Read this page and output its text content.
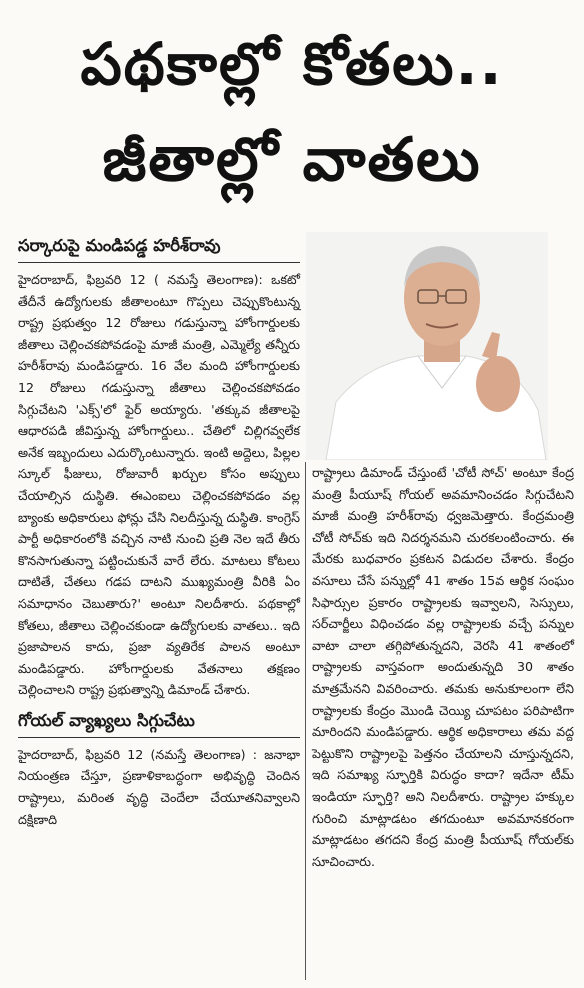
పథకాల్లో కోతలు..
జీతాల్లో వాతలు
సర్కారుపై మండిపడ్డ హరీశ్‌రావు

హైదరాబాద్, ఫిబ్రవరి 12 ( నమస్తే తెలంగాణ): ఒకటో తేదీనే ఉద్యోగులకు జీతాలంటూ గొప్పలు చెప్పుకొంటున్న రాష్ట్ర ప్రభుత్వం 12 రోజులు గడుస్తున్నా హోంగార్డులకు జీతాలు చెల్లించకపోవడంపై మాజీ మంత్రి, ఎమ్మెల్యే తన్నీరు హరీశ్‌రావు మండిపడ్డారు. 16 వేల మంది హోంగార్డులకు 12 రోజులు గడుస్తున్నా జీతాలు చెల్లించకపోవడం సిగ్గుచేటని 'ఎక్స్'లో ఫైర్ అయ్యారు. 'తక్కువ జీతాలపై ఆధారపడి జీవిస్తున్న హోంగార్డులు.. చేతిలో చిల్లిగవ్వలేక అనేక ఇబ్బందులు ఎదుర్కొంటున్నారు. ఇంటి అద్దెలు, పిల్లల స్కూల్ ఫీజులు, రోజువారీ ఖర్చుల కోసం అప్పులు చేయాల్సిన దుస్థితి. ఈఎంఐలు చెల్లించకపోవడం వల్ల బ్యాంకు అధికారులు ఫోన్లు చేసి నిలదీస్తున్న దుస్థితి. కాంగ్రెస్ పార్టీ అధికారంలోకి వచ్చిన నాటి నుంచి ప్రతి నెల ఇదే తీరు కొనసాగుతున్నా పట్టించుకునే వారే లేరు. మాటలు కోటలు దాటితే, చేతలు గడప దాటని ముఖ్యమంత్రి వీరికి ఏం సమాధానం చెబుతారు?' అంటూ నిలదీశారు. పథకాల్లో కోతలు, జీతాలు చెల్లించకుండా ఉద్యోగులకు వాతలు.. ఇది ప్రజాపాలన కాదు, ప్రజా వ్యతిరేక పాలన అంటూ మండిపడ్డారు. హోంగార్డులకు వేతనాలు తక్షణం చెల్లించాలని రాష్ట్ర ప్రభుత్వాన్ని డిమాండ్ చేశారు.

గోయల్ వ్యాఖ్యలు సిగ్గుచేటు

హైదరాబాద్, ఫిబ్రవరి 12 (నమస్తే తెలంగాణ) : జనాభా నియంత్రణ చేస్తూ, ప్రణాళికాబద్ధంగా అభివృద్ధి చెందిన రాష్ట్రాలు, మరింత వృద్ధి చెందేలా చేయూతనివ్వాలని దక్షిణాది

రాష్ట్రాలు డిమాండ్ చేస్తుంటే 'చోటీ సోచ్' అంటూ కేంద్ర మంత్రి పీయూష్ గోయల్ అవమానించడం సిగ్గుచేటని మాజీ మంత్రి హరీశ్‌రావు ధ్వజమెత్తారు. కేంద్రమంత్రి చోటీ సోచ్‌కు ఇది నిదర్శనమని చురకలంటించారు. ఈ మేరకు బుధవారం ప్రకటన విడుదల చేశారు. కేంద్రం వసూలు చేసే పన్నుల్లో 41 శాతం 15వ ఆర్థిక సంఘం సిఫార్సుల ప్రకారం రాష్ట్రాలకు ఇవ్వాలని, సెస్సులు, సర్‌చార్జీలు విధించడం వల్ల రాష్ట్రాలకు వచ్చే పన్నుల వాటా చాలా తగ్గిపోతున్నదని, వెరసి 41 శాతంలో రాష్ట్రాలకు వాస్తవంగా అందుతున్నది 30 శాతం మాత్రమేనని వివరించారు. తమకు అనుకూలంగా లేని రాష్ట్రాలకు కేంద్రం మొండి చెయ్యి చూపటం పరిపాటిగా మారిందని మండిపడ్డారు. ఆర్థిక అధికారాలు తమ వద్ద పెట్టుకొని రాష్ట్రాలపై పెత్తనం చేయాలని చూస్తున్నదని, ఇది సమాఖ్య స్ఫూర్తికి విరుద్ధం కాదా? ఇదేనా టీమ్ ఇండియా స్ఫూర్తి? అని నిలదీశారు. రాష్ట్రాల హక్కుల గురించి మాట్లాడటం తగదుంటూ అవమానకరంగా మాట్లాడటం తగదని కేంద్ర మంత్రి పీయూష్ గోయల్‌కు సూచించారు.
